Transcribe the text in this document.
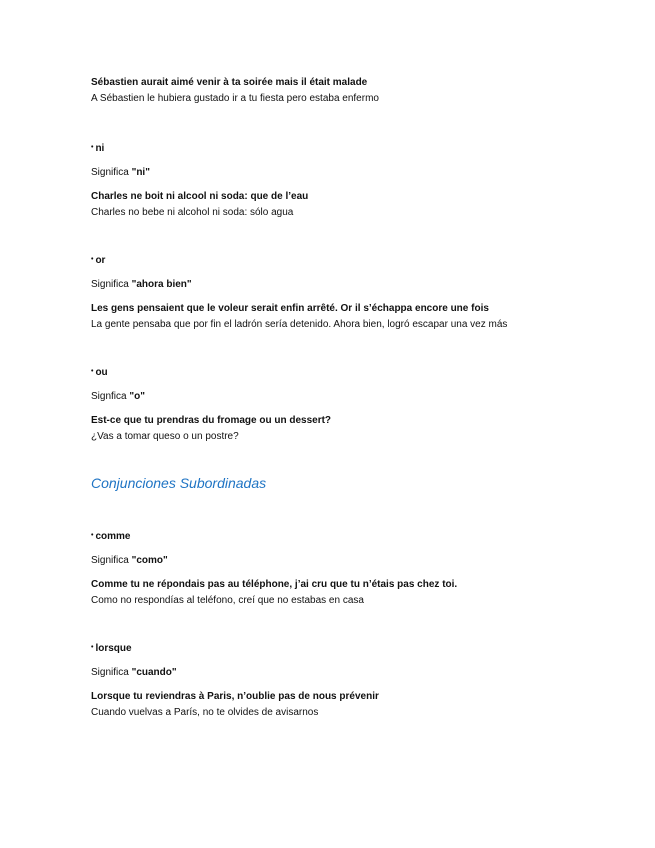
Sébastien aurait aimé venir à ta soirée mais il était malade
A Sébastien le hubiera gustado ir a tu fiesta pero estaba enfermo
• ni
Significa "ni"
Charles ne boit ni alcool ni soda: que de l’eau
Charles no bebe ni alcohol ni soda: sólo agua
• or
Significa "ahora bien"
Les gens pensaient que le voleur serait enfin arrêté. Or il s’échappa encore une fois
La gente pensaba que por fin el ladrón sería detenido. Ahora bien, logró escapar una vez más
• ou
Signfica "o"
Est-ce que tu prendras du fromage ou un dessert?
¿Vas a tomar queso o un postre?
Conjunciones Subordinadas
• comme
Significa "como"
Comme tu ne répondais pas au téléphone, j’ai cru que tu n’étais pas chez toi.
Como no respondías al teléfono, creí que no estabas en casa
• lorsque
Significa "cuando"
Lorsque tu reviendras à Paris, n’oublie pas de nous prévenir
Cuando vuelvas a París, no te olvides de avisarnos
